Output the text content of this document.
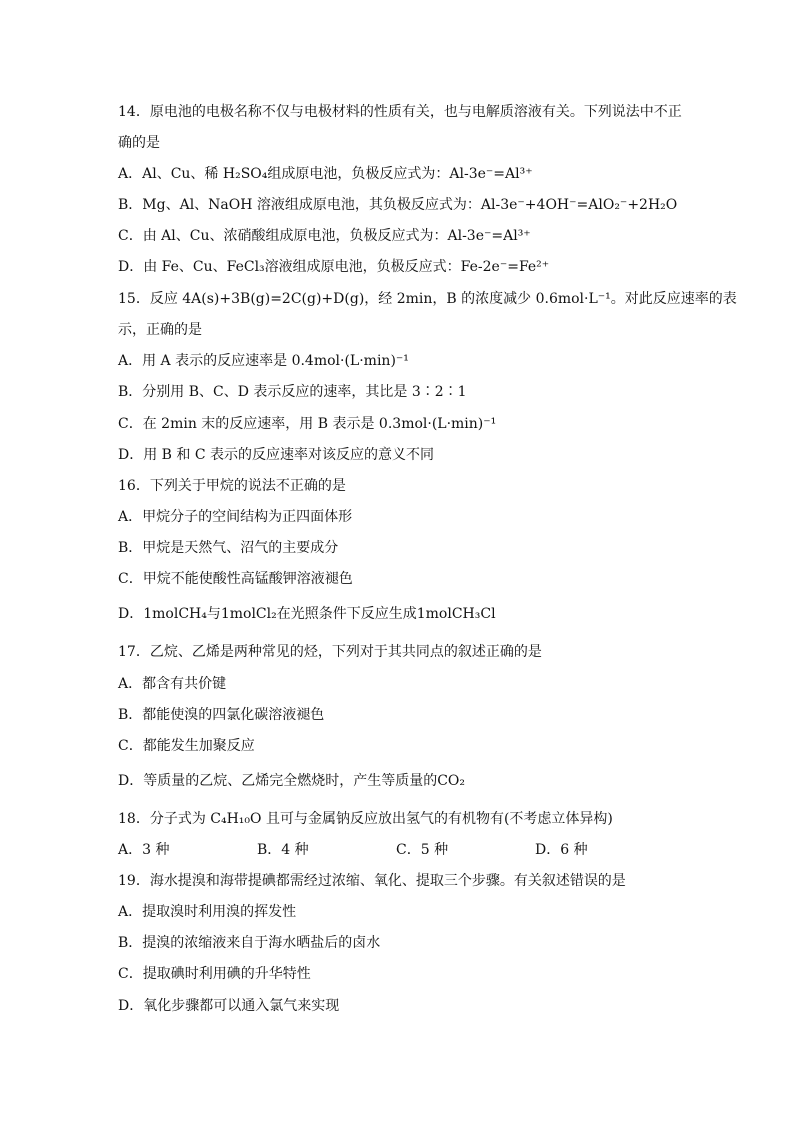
14．原电池的电极名称不仅与电极材料的性质有关，也与电解质溶液有关。下列说法中不正
确的是
A．Al、Cu、稀 H₂SO₄组成原电池，负极反应式为：Al-3e⁻=Al³⁺
B．Mg、Al、NaOH 溶液组成原电池，其负极反应式为：Al-3e⁻+4OH⁻=AlO₂⁻+2H₂O
C．由 Al、Cu、浓硝酸组成原电池，负极反应式为：Al-3e⁻=Al³⁺
D．由 Fe、Cu、FeCl₃溶液组成原电池，负极反应式：Fe-2e⁻=Fe²⁺
15．反应 4A(s)+3B(g)=2C(g)+D(g)，经 2min，B 的浓度减少 0.6mol·L⁻¹。对此反应速率的表
示，正确的是
A．用 A 表示的反应速率是 0.4mol·(L·min)⁻¹
B．分别用 B、C、D 表示反应的速率，其比是 3∶2∶1
C．在 2min 末的反应速率，用 B 表示是 0.3mol·(L·min)⁻¹
D．用 B 和 C 表示的反应速率对该反应的意义不同
16．下列关于甲烷的说法不正确的是
A．甲烷分子的空间结构为正四面体形
B．甲烷是天然气、沼气的主要成分
C．甲烷不能使酸性高锰酸钾溶液褪色
D．1molCH₄与1molCl₂在光照条件下反应生成1molCH₃Cl
17．乙烷、乙烯是两种常见的烃，下列对于其共同点的叙述正确的是
A．都含有共价键
B．都能使溴的四氯化碳溶液褪色
C．都能发生加聚反应
D．等质量的乙烷、乙烯完全燃烧时，产生等质量的CO₂
18．分子式为 C₄H₁₀O 且可与金属钠反应放出氢气的有机物有(不考虑立体异构)
A．3 种	B．4 种	C．5 种	D．6 种
19．海水提溴和海带提碘都需经过浓缩、氧化、提取三个步骤。有关叙述错误的是
A．提取溴时利用溴的挥发性
B．提溴的浓缩液来自于海水晒盐后的卤水
C．提取碘时利用碘的升华特性
D．氧化步骤都可以通入氯气来实现
